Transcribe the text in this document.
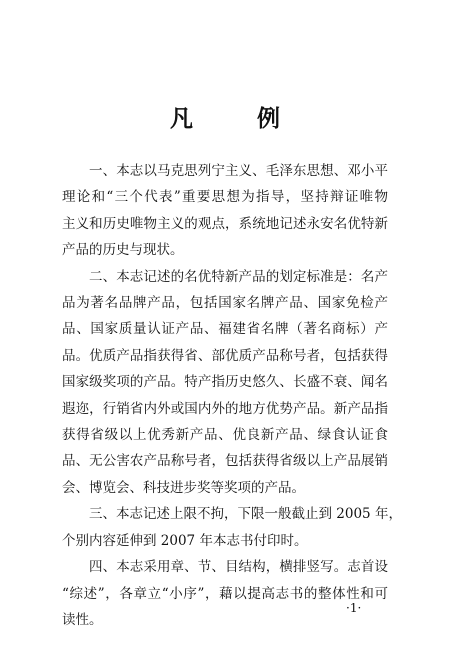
凡 例
一、本志以马克思列宁主义、毛泽东思想、邓小平
理论和“三个代表”重要思想为指导，坚持辩证唯物
主义和历史唯物主义的观点，系统地记述永安名优特新
产品的历史与现状。
二、本志记述的名优特新产品的划定标准是：名产
品为著名品牌产品，包括国家名牌产品、国家免检产
品、国家质量认证产品、福建省名牌（著名商标）产
品。优质产品指获得省、部优质产品称号者，包括获得
国家级奖项的产品。特产指历史悠久、长盛不衰、闻名
遐迩，行销省内外或国内外的地方优势产品。新产品指
获得省级以上优秀新产品、优良新产品、绿食认证食
品、无公害农产品称号者，包括获得省级以上产品展销
会、博览会、科技进步奖等奖项的产品。
三、本志记述上限不拘，下限一般截止到 2005 年，
个别内容延伸到 2007 年本志书付印时。
四、本志采用章、节、目结构，横排竖写。志首设
“综述”，各章立“小序”，藉以提高志书的整体性和可
读性。
·1·
